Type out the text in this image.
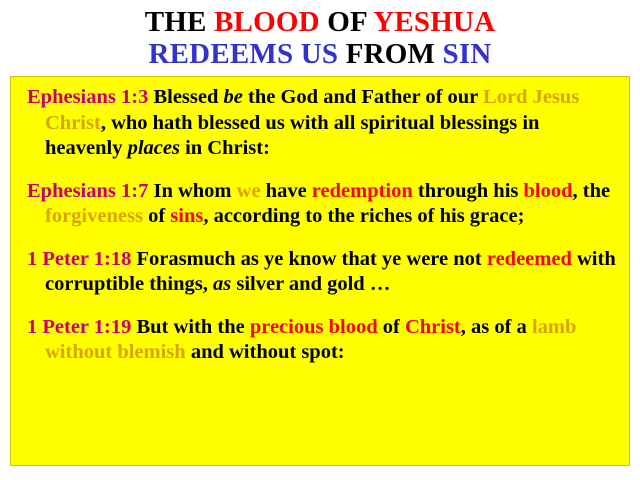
THE BLOOD OF YESHUA
REDEEMS US FROM SIN

Ephesians 1:3 Blessed be the God and Father of our Lord Jesus Christ, who hath blessed us with all spiritual blessings in heavenly places in Christ:

Ephesians 1:7 In whom we have redemption through his blood, the forgiveness of sins, according to the riches of his grace;

1 Peter 1:18 Forasmuch as ye know that ye were not redeemed with corruptible things, as silver and gold …

1 Peter 1:19 But with the precious blood of Christ, as of a lamb without blemish and without spot:
